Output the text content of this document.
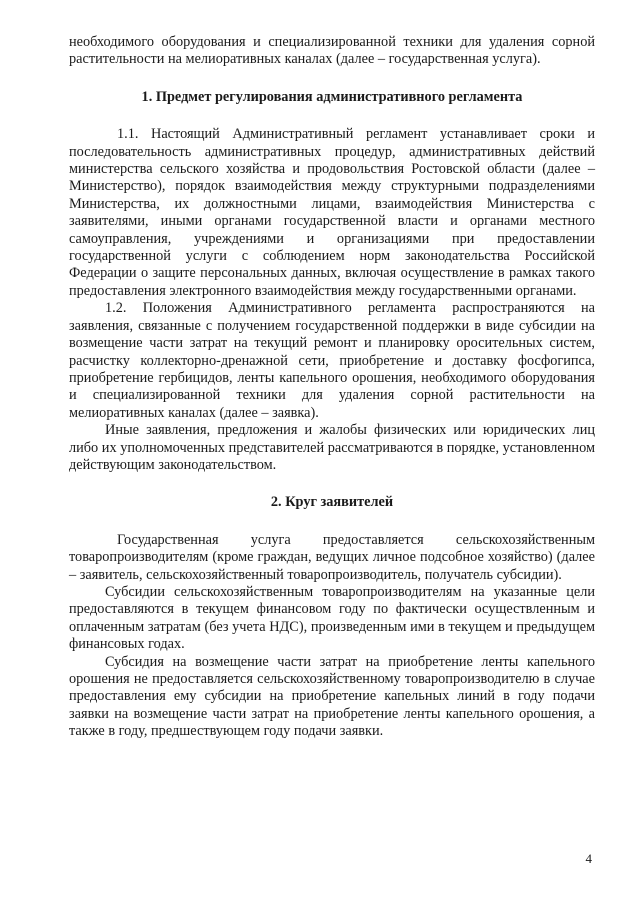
необходимого оборудования и специализированной техники для удаления сорной растительности на мелиоративных каналах (далее – государственная услуга).

1. Предмет регулирования административного регламента

1.1. Настоящий Административный регламент устанавливает сроки и последовательность административных процедур, административных действий министерства сельского хозяйства и продовольствия Ростовской области (далее – Министерство), порядок взаимодействия между структурными подразделениями Министерства, их должностными лицами, взаимодействия Министерства с заявителями, иными органами государственной власти и органами местного самоуправления, учреждениями и организациями при предоставлении государственной услуги с соблюдением норм законодательства Российской Федерации о защите персональных данных, включая осуществление в рамках такого предоставления электронного взаимодействия между государственными органами.

1.2. Положения Административного регламента распространяются на заявления, связанные с получением государственной поддержки в виде субсидии на возмещение части затрат на текущий ремонт и планировку оросительных систем, расчистку коллекторно-дренажной сети, приобретение и доставку фосфогипса, приобретение гербицидов, ленты капельного орошения, необходимого оборудования и специализированной техники для удаления сорной растительности на мелиоративных каналах (далее – заявка).

Иные заявления, предложения и жалобы физических или юридических лиц либо их уполномоченных представителей рассматриваются в порядке, установленном действующим законодательством.

2. Круг заявителей

Государственная услуга предоставляется сельскохозяйственным товаропроизводителям (кроме граждан, ведущих личное подсобное хозяйство) (далее – заявитель, сельскохозяйственный товаропроизводитель, получатель субсидии).

Субсидии сельскохозяйственным товаропроизводителям на указанные цели предоставляются в текущем финансовом году по фактически осуществленным и оплаченным затратам (без учета НДС), произведенным ими в текущем и предыдущем финансовых годах.

Субсидия на возмещение части затрат на приобретение ленты капельного орошения не предоставляется сельскохозяйственному товаропроизводителю в случае предоставления ему субсидии на приобретение капельных линий в году подачи заявки на возмещение части затрат на приобретение ленты капельного орошения, а также в году, предшествующем году подачи заявки.

4
